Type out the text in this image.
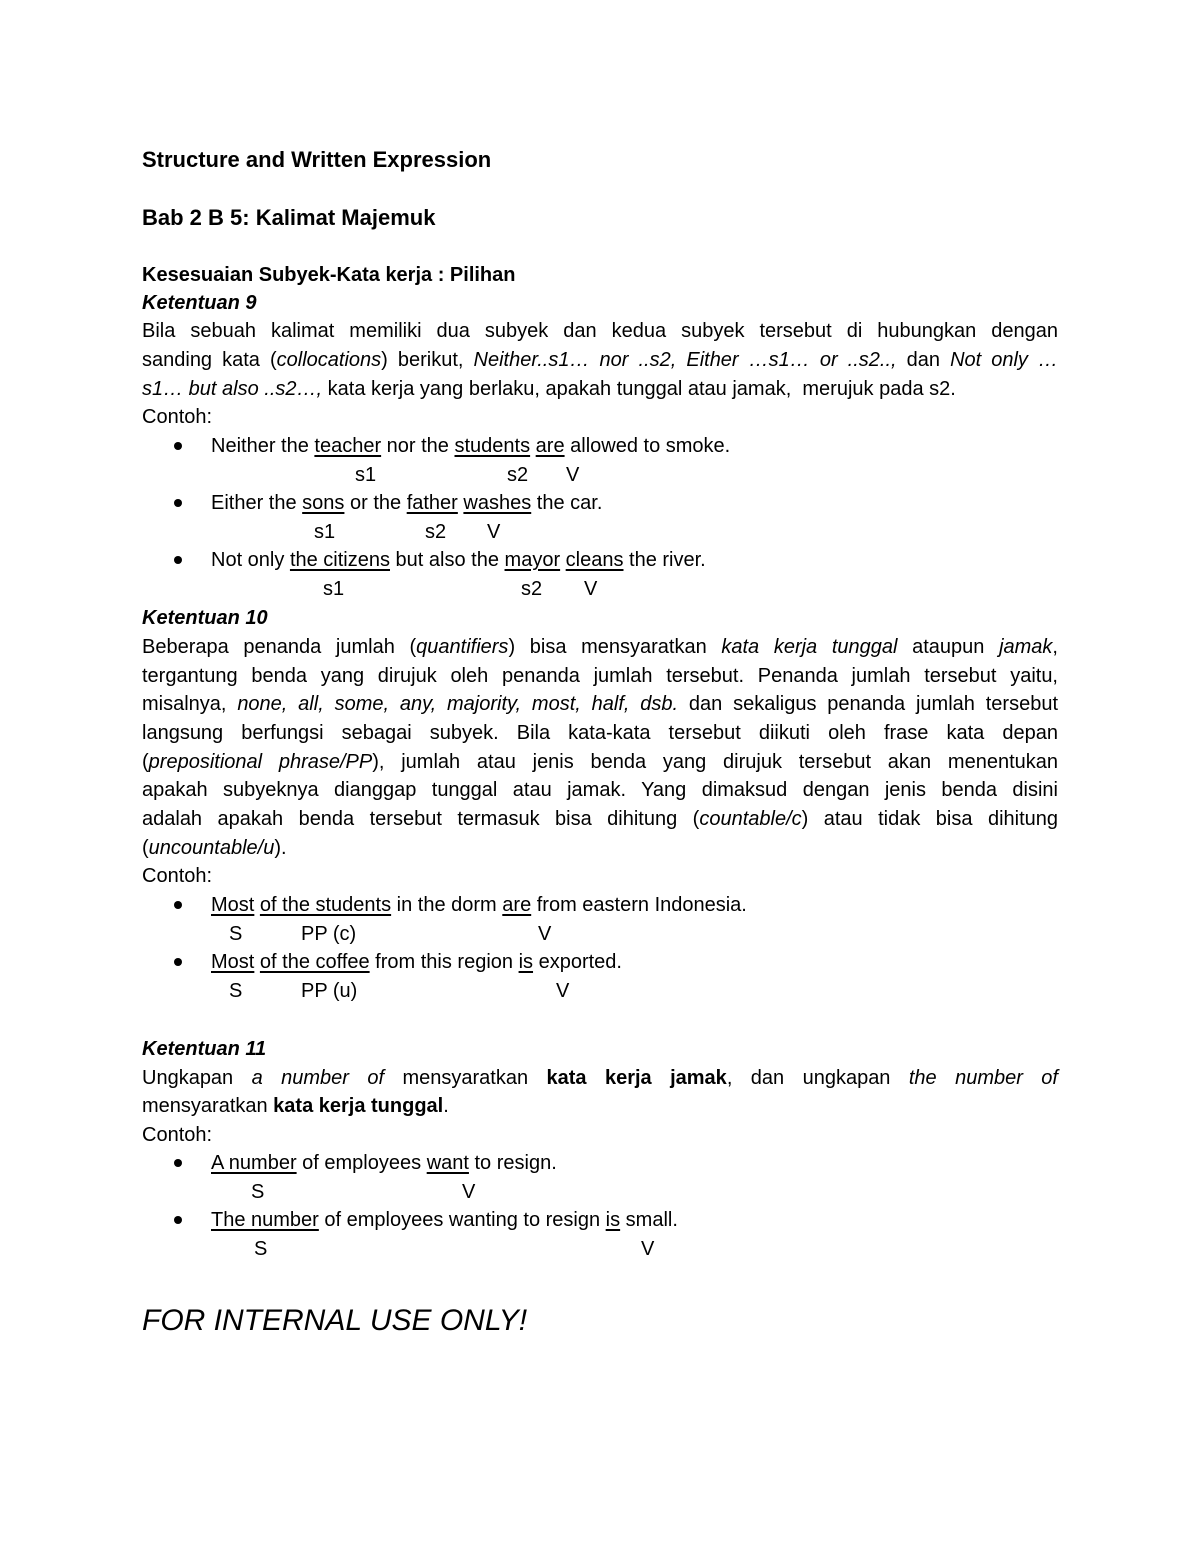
Structure and Written Expression
Bab 2 B 5: Kalimat Majemuk
Kesesuaian Subyek-Kata kerja : Pilihan
Ketentuan 9
Bila sebuah kalimat memiliki dua subyek dan kedua subyek tersebut di hubungkan dengan
sanding kata (collocations) berikut, Neither..s1… nor ..s2, Either …s1… or ..s2.., dan Not only …
s1… but also ..s2…, kata kerja yang berlaku, apakah tunggal atau jamak,  merujuk pada s2.
Contoh:
Neither the teacher nor the students are allowed to smoke.
s1	s2 V
Either the sons or the father washes the car.
s1	s2 V
Not only the citizens but also the mayor cleans the river.
s1	s2 V
Ketentuan 10
Beberapa penanda jumlah (quantifiers) bisa mensyaratkan kata kerja tunggal ataupun jamak,
tergantung benda yang dirujuk oleh penanda jumlah tersebut. Penanda jumlah tersebut yaitu,
misalnya, none, all, some, any, majority, most, half, dsb. dan sekaligus penanda jumlah tersebut
langsung berfungsi sebagai subyek. Bila kata-kata tersebut diikuti oleh frase kata depan
(prepositional phrase/PP), jumlah atau jenis benda yang dirujuk tersebut akan menentukan
apakah subyeknya dianggap tunggal atau jamak. Yang dimaksud dengan jenis benda disini
adalah apakah benda tersebut termasuk bisa dihitung (countable/c) atau tidak bisa dihitung
(uncountable/u).
Contoh:
Most of the students in the dorm are from eastern Indonesia.
S	PP (c)	V
Most of the coffee from this region is exported.
S	PP (u)	V
Ketentuan 11
Ungkapan a number of mensyaratkan kata kerja jamak, dan ungkapan the number of
mensyaratkan kata kerja tunggal.
Contoh:
A number of employees want to resign.
S	V
The number of employees wanting to resign is small.
S	V
FOR INTERNAL USE ONLY!
